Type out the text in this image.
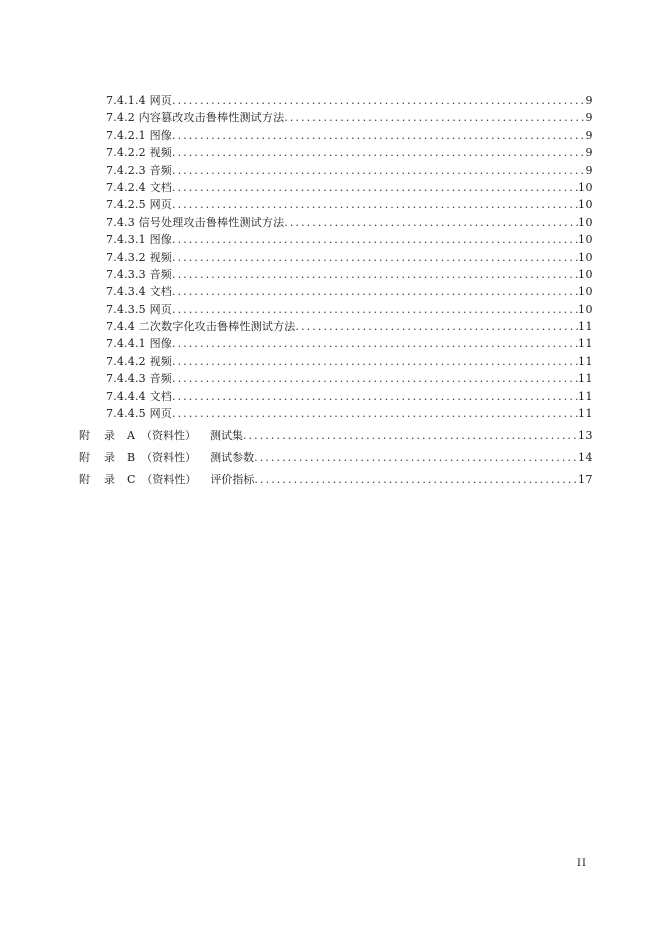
7.4.1.4 网页 .....	9
7.4.2 内容篡改攻击鲁棒性测试方法 .....	9
7.4.2.1 图像 .....	9
7.4.2.2 视频 .....	9
7.4.2.3 音频 .....	9
7.4.2.4 文档 .....	10
7.4.2.5 网页 .....	10
7.4.3 信号处理攻击鲁棒性测试方法 .....	10
7.4.3.1 图像 .....	10
7.4.3.2 视频 .....	10
7.4.3.3 音频 .....	10
7.4.3.4 文档 .....	10
7.4.3.5 网页 .....	10
7.4.4 二次数字化攻击鲁棒性测试方法 .....	11
7.4.4.1 图像 .....	11
7.4.4.2 视频 .....	11
7.4.4.3 音频 .....	11
7.4.4.4 文档 .....	11
7.4.4.5 网页 .....	11
附 录 A （资料性） 测试集 .....	13
附 录 B （资料性） 测试参数 .....	14
附 录 C （资料性） 评价指标 .....	17
II
